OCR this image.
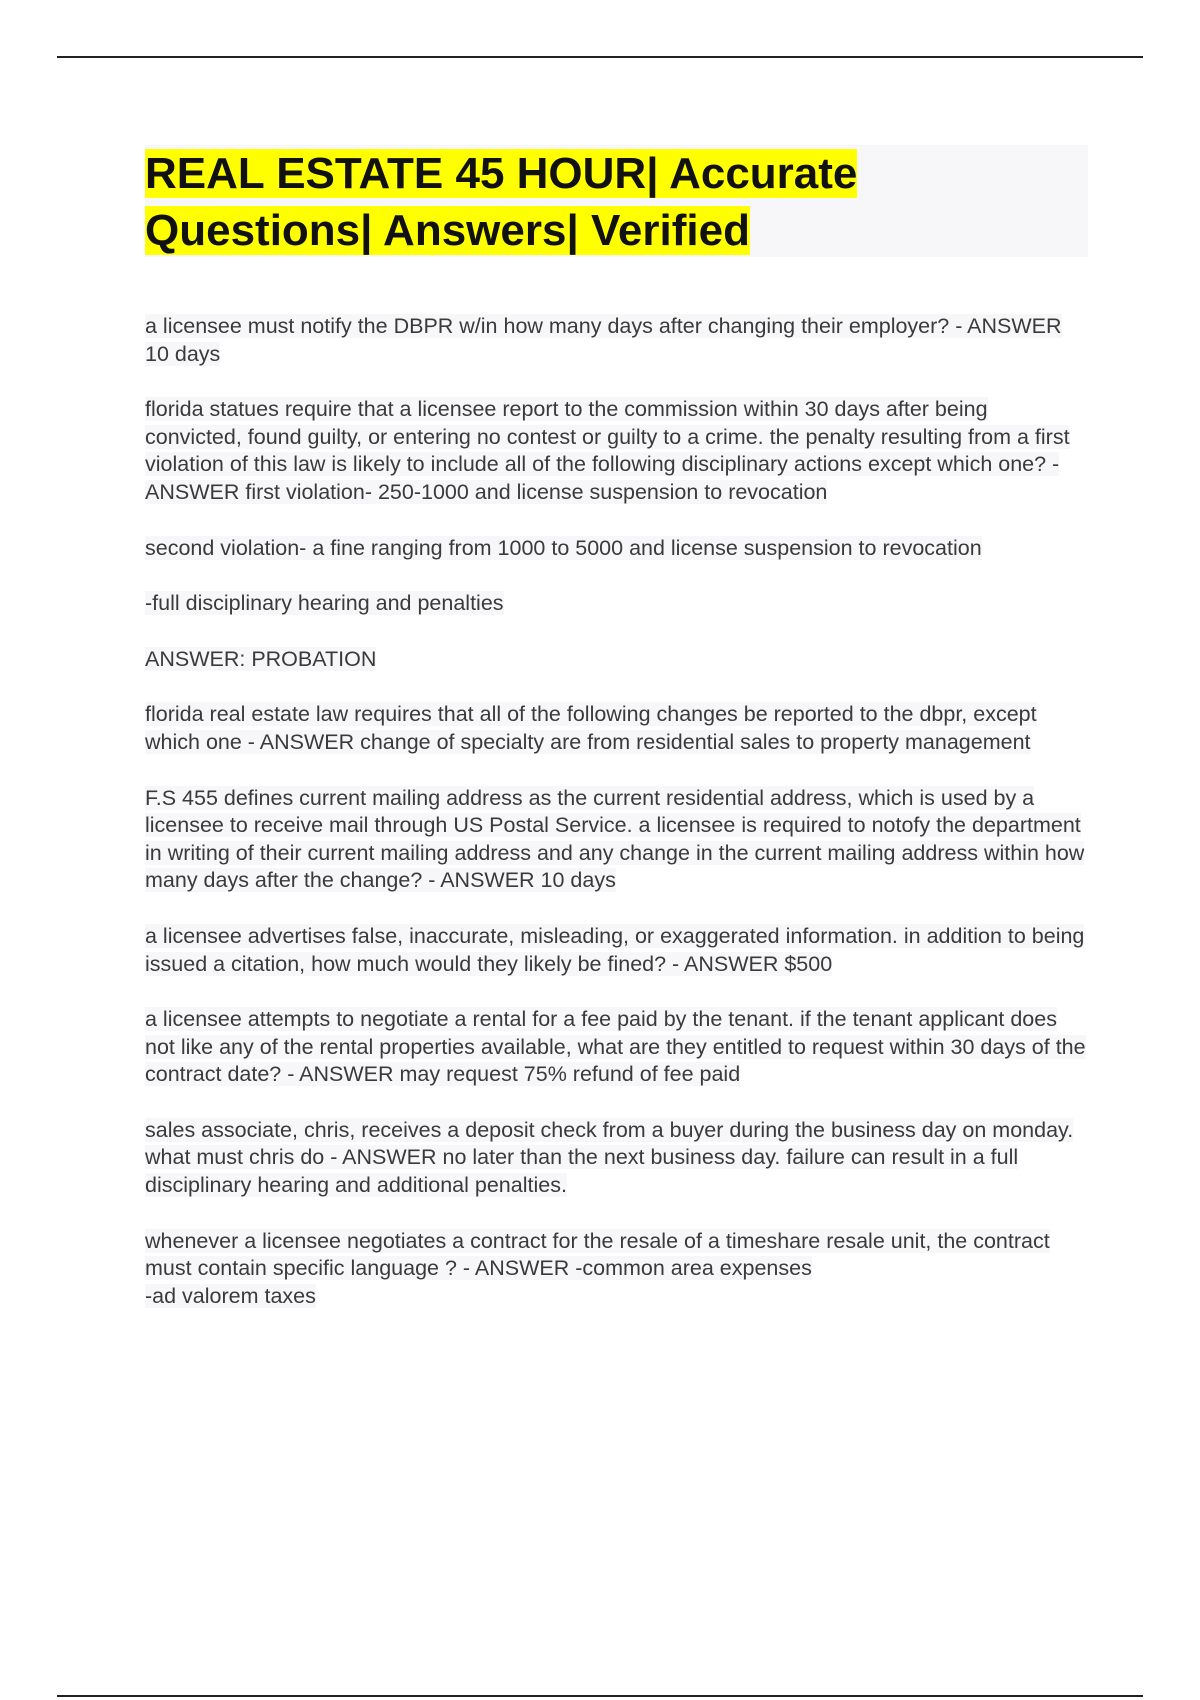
REAL ESTATE 45 HOUR| Accurate
Questions| Answers| Verified

a licensee must notify the DBPR w/in how many days after changing their employer? - ANSWER 10 days

florida statues require that a licensee report to the commission within 30 days after being convicted, found guilty, or entering no contest or guilty to a crime. the penalty resulting from a first violation of this law is likely to include all of the following disciplinary actions except which one? - ANSWER first violation- 250-1000 and license suspension to revocation

second violation- a fine ranging from 1000 to 5000 and license suspension to revocation

-full disciplinary hearing and penalties

ANSWER: PROBATION

florida real estate law requires that all of the following changes be reported to the dbpr, except which one - ANSWER change of specialty are from residential sales to property management

F.S 455 defines current mailing address as the current residential address, which is used by a licensee to receive mail through US Postal Service. a licensee is required to notofy the department in writing of their current mailing address and any change in the current mailing address within how many days after the change? - ANSWER 10 days

a licensee advertises false, inaccurate, misleading, or exaggerated information. in addition to being issued a citation, how much would they likely be fined? - ANSWER $500

a licensee attempts to negotiate a rental for a fee paid by the tenant. if the tenant applicant does not like any of the rental properties available, what are they entitled to request within 30 days of the contract date? - ANSWER may request 75% refund of fee paid

sales associate, chris, receives a deposit check from a buyer during the business day on monday. what must chris do - ANSWER no later than the next business day. failure can result in a full disciplinary hearing and additional penalties.

whenever a licensee negotiates a contract for the resale of a timeshare resale unit, the contract must contain specific language ? - ANSWER -common area expenses
-ad valorem taxes
